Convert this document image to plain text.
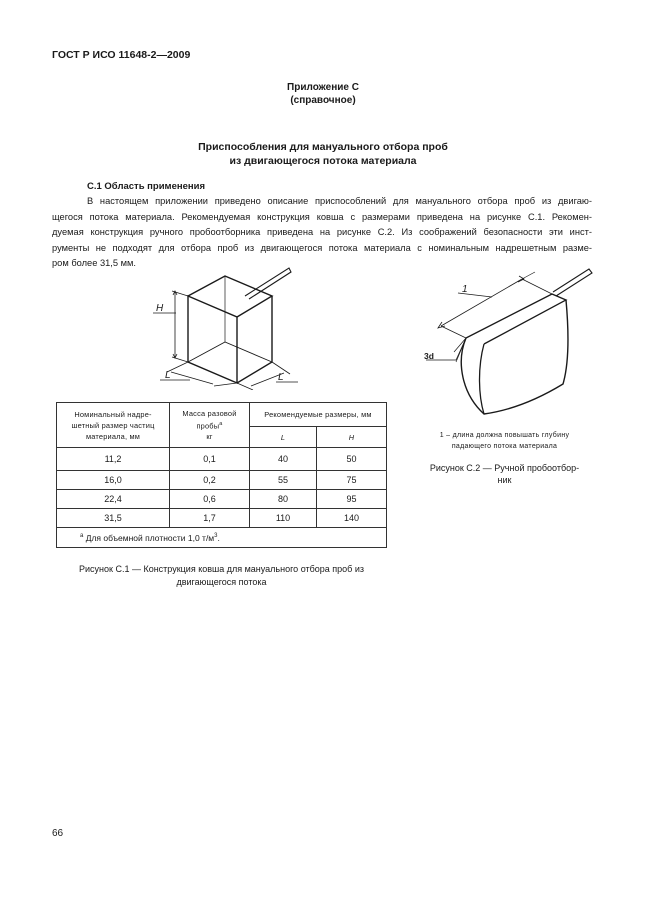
ГОСТ Р ИСО 11648-2—2009
Приложение С
(справочное)
Приспособления для мануального отбора проб
из двигающегося потока материала
С.1 Область применения
В настоящем приложении приведено описание приспособлений для мануального отбора проб из двигаю-
щегося потока материала. Рекомендуемая конструкция ковша с размерами приведена на рисунке С.1. Рекомен-
дуемая конструкция ручного пробоотборника приведена на рисунке С.2. Из соображений безопасности эти инст-
рументы не подходят для отбора проб из двигающегося потока материала с номинальным надрешетным разме-
ром более 31,5 мм.
H
L	L
Номинальный надре-
шетный размер частиц
материала, мм	Масса разовой
пробы$^а$
кг	Рекомендуемые размеры, мм	
		L	H
11,2	0,1	40	50
16,0	0,2	55	75
22,4	0,6	80	95
31,5	1,7	110	140
$^а$ Для объемной плотности 1,0 $т/м^3$.			
Рисунок С.1 — Конструкция ковша для мануального отбора проб из
двигающегося потока
1
3d
1 – длина должна повышать глубину
падающего потока материала
Рисунок С.2 — Ручной пробоотбор-
ник
66
